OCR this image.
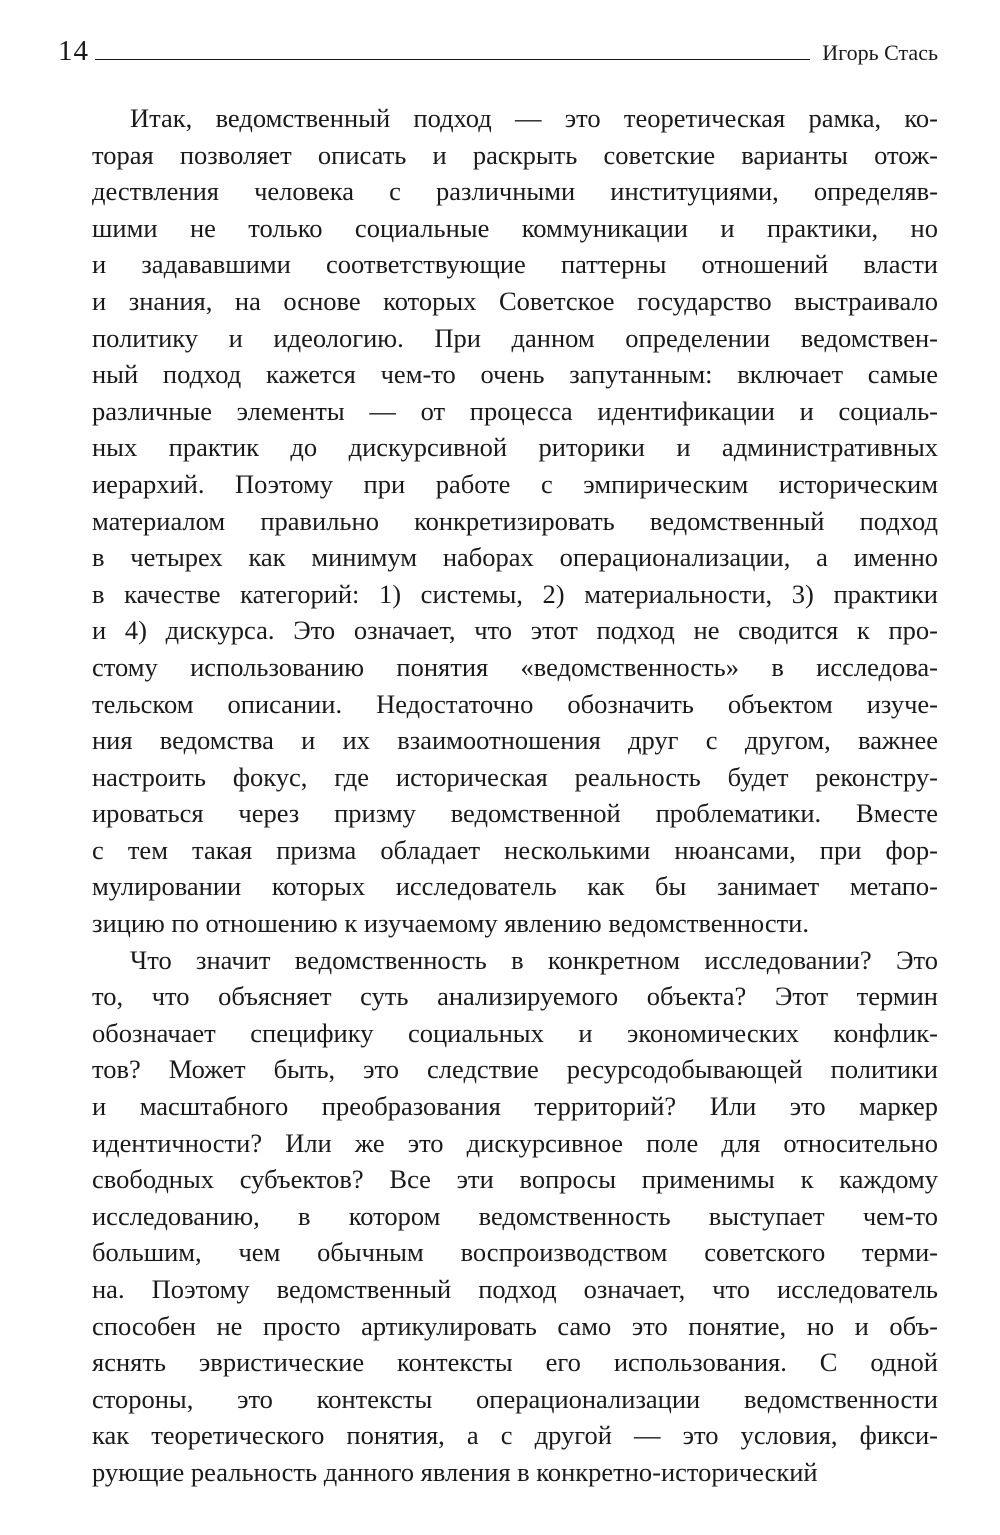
14	Игорь Стась
Итак, ведомственный подход — это теоретическая рамка, ко-
торая позволяет описать и раскрыть советские варианты отож-
дествления человека с различными институциями, определяв-
шими не только социальные коммуникации и практики, но
и задававшими соответствующие паттерны отношений власти
и знания, на основе которых Советское государство выстраивало
политику и идеологию. При данном определении ведомствен-
ный подход кажется чем-то очень запутанным: включает самые
различные элементы — от процесса идентификации и социаль-
ных практик до дискурсивной риторики и административных
иерархий. Поэтому при работе с эмпирическим историческим
материалом правильно конкретизировать ведомственный подход
в четырех как минимум наборах операционализации, а именно
в качестве категорий: 1) системы, 2) материальности, 3) практики
и 4) дискурса. Это означает, что этот подход не сводится к про-
стому использованию понятия «ведомственность» в исследова-
тельском описании. Недостаточно обозначить объектом изуче-
ния ведомства и их взаимоотношения друг с другом, важнее
настроить фокус, где историческая реальность будет реконстру-
ироваться через призму ведомственной проблематики. Вместе
с тем такая призма обладает несколькими нюансами, при фор-
мулировании которых исследователь как бы занимает метапо-
зицию по отношению к изучаемому явлению ведомственности.
Что значит ведомственность в конкретном исследовании? Это
то, что объясняет суть анализируемого объекта? Этот термин
обозначает специфику социальных и экономических конфлик-
тов? Может быть, это следствие ресурсодобывающей политики
и масштабного преобразования территорий? Или это маркер
идентичности? Или же это дискурсивное поле для относительно
свободных субъектов? Все эти вопросы применимы к каждому
исследованию, в котором ведомственность выступает чем-то
большим, чем обычным воспроизводством советского терми-
на. Поэтому ведомственный подход означает, что исследователь
способен не просто артикулировать само это понятие, но и объ-
яснять эвристические контексты его использования. С одной
стороны, это контексты операционализации ведомственности
как теоретического понятия, а с другой — это условия, фикси-
рующие реальность данного явления в конкретно-исторический
